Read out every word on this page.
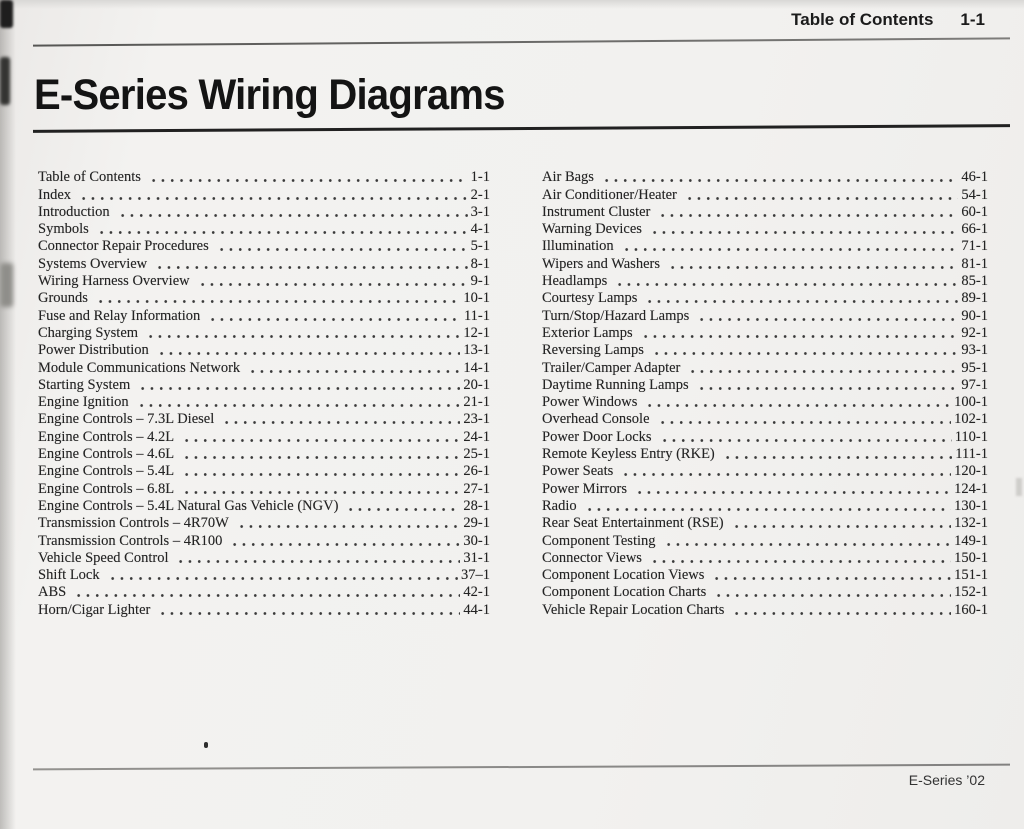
Table of Contents 1-1
E-Series Wiring Diagrams
Table of Contents	1-1
Index	2-1
Introduction	3-1
Symbols	4-1
Connector Repair Procedures	5-1
Systems Overview	8-1
Wiring Harness Overview	9-1
Grounds	10-1
Fuse and Relay Information	11-1
Charging System	12-1
Power Distribution	13-1
Module Communications Network	14-1
Starting System	20-1
Engine Ignition	21-1
Engine Controls – 7.3L Diesel	23-1
Engine Controls – 4.2L	24-1
Engine Controls – 4.6L	25-1
Engine Controls – 5.4L	26-1
Engine Controls – 6.8L	27-1
Engine Controls – 5.4L Natural Gas Vehicle (NGV)	28-1
Transmission Controls – 4R70W	29-1
Transmission Controls – 4R100	30-1
Vehicle Speed Control	31-1
Shift Lock	37–1
ABS	42-1
Horn/Cigar Lighter	44-1
Air Bags	46-1
Air Conditioner/Heater	54-1
Instrument Cluster	60-1
Warning Devices	66-1
Illumination	71-1
Wipers and Washers	81-1
Headlamps	85-1
Courtesy Lamps	89-1
Turn/Stop/Hazard Lamps	90-1
Exterior Lamps	92-1
Reversing Lamps	93-1
Trailer/Camper Adapter	95-1
Daytime Running Lamps	97-1
Power Windows	100-1
Overhead Console	102-1
Power Door Locks	110-1
Remote Keyless Entry (RKE)	111-1
Power Seats	120-1
Power Mirrors	124-1
Radio	130-1
Rear Seat Entertainment (RSE)	132-1
Component Testing	149-1
Connector Views	150-1
Component Location Views	151-1
Component Location Charts	152-1
Vehicle Repair Location Charts	160-1
E-Series ’02
